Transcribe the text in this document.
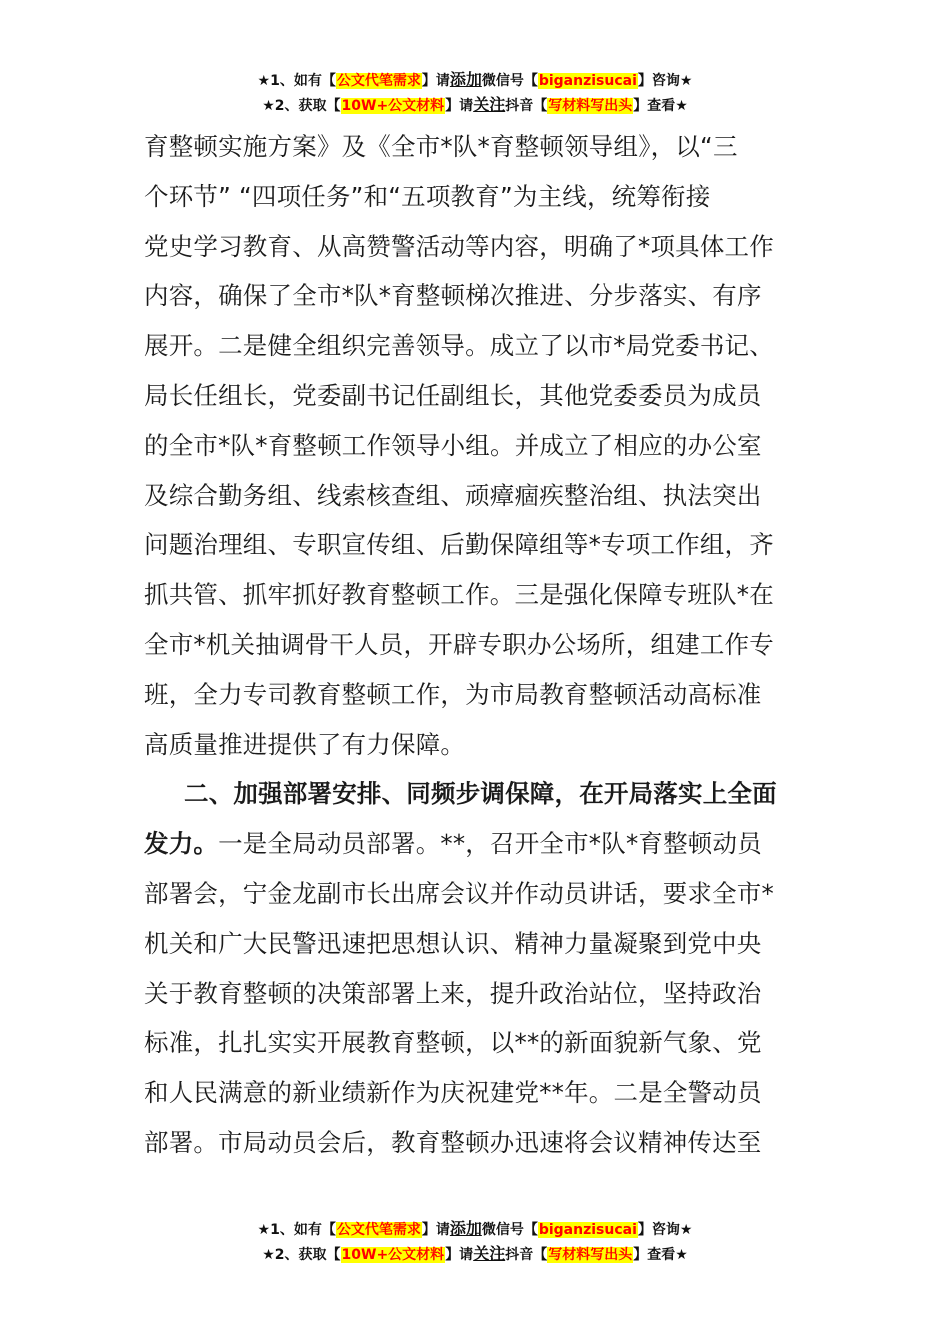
★1、如有【公文代笔需求】请添加微信号【biganzisucai】咨询★
★2、获取【10W+公文材料】请关注抖音【写材料写出头】查看★
育整顿实施方案》及《全市*队*育整顿领导组》，以“三
个环节” “四项任务”和“五项教育”为主线，统筹衔接
党史学习教育、从高赞警活动等内容，明确了*项具体工作
内容，确保了全市*队*育整顿梯次推进、分步落实、有序
展开。二是健全组织完善领导。成立了以市*局党委书记、
局长任组长，党委副书记任副组长，其他党委委员为成员
的全市*队*育整顿工作领导小组。并成立了相应的办公室
及综合勤务组、线索核查组、顽瘴痼疾整治组、执法突出
问题治理组、专职宣传组、后勤保障组等*专项工作组，齐
抓共管、抓牢抓好教育整顿工作。三是强化保障专班队*在
全市*机关抽调骨干人员，开辟专职办公场所，组建工作专
班，全力专司教育整顿工作，为市局教育整顿活动高标准
高质量推进提供了有力保障。
二、加强部署安排、同频步调保障，在开局落实上全面
发力。一是全局动员部署。**，召开全市*队*育整顿动员
部署会，宁金龙副市长出席会议并作动员讲话，要求全市*
机关和广大民警迅速把思想认识、精神力量凝聚到党中央
关于教育整顿的决策部署上来，提升政治站位，坚持政治
标准，扎扎实实开展教育整顿，以**的新面貌新气象、党
和人民满意的新业绩新作为庆祝建党**年。二是全警动员
部署。市局动员会后，教育整顿办迅速将会议精神传达至
★1、如有【公文代笔需求】请添加微信号【biganzisucai】咨询★
★2、获取【10W+公文材料】请关注抖音【写材料写出头】查看★
